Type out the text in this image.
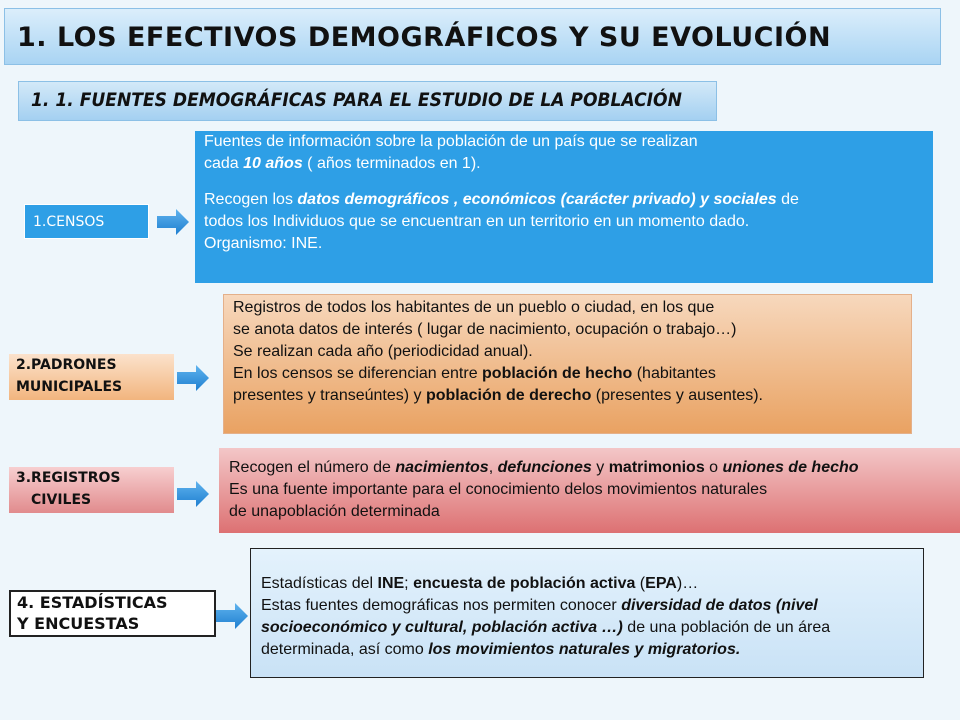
1. LOS EFECTIVOS DEMOGRÁFICOS Y SU EVOLUCIÓN
1. 1. FUENTES DEMOGRÁFICAS PARA EL ESTUDIO DE LA POBLACIÓN
1.CENSOS

Fuentes de información sobre la población de un país que se realizan

cada 10 años ( años terminados en 1).

Recogen los datos demográficos , económicos (carácter privado) y sociales de

todos los Individuos que se encuentran en un territorio en un momento dado.

Organismo: INE.

2.PADRONES
MUNICIPALES

Registros de todos los habitantes de un pueblo o ciudad, en los que

se anota datos de interés ( lugar de nacimiento, ocupación o trabajo…)

Se realizan cada año (periodicidad anual).

En los censos se diferencian entre población de hecho (habitantes

presentes y transeúntes) y población de derecho (presentes y ausentes).

3.REGISTROS
CIVILES

Recogen el número de nacimientos, defunciones y matrimonios o uniones de hecho

Es una fuente importante para el conocimiento delos movimientos naturales

de unapoblación determinada

4. ESTADÍSTICAS
Y ENCUESTAS

Estadísticas del INE; encuesta de población activa (EPA)…

Estas fuentes demográficas nos permiten conocer diversidad de datos (nivel

socioeconómico y cultural, población activa …) de una población de un área

determinada, así como los movimientos naturales y migratorios.
